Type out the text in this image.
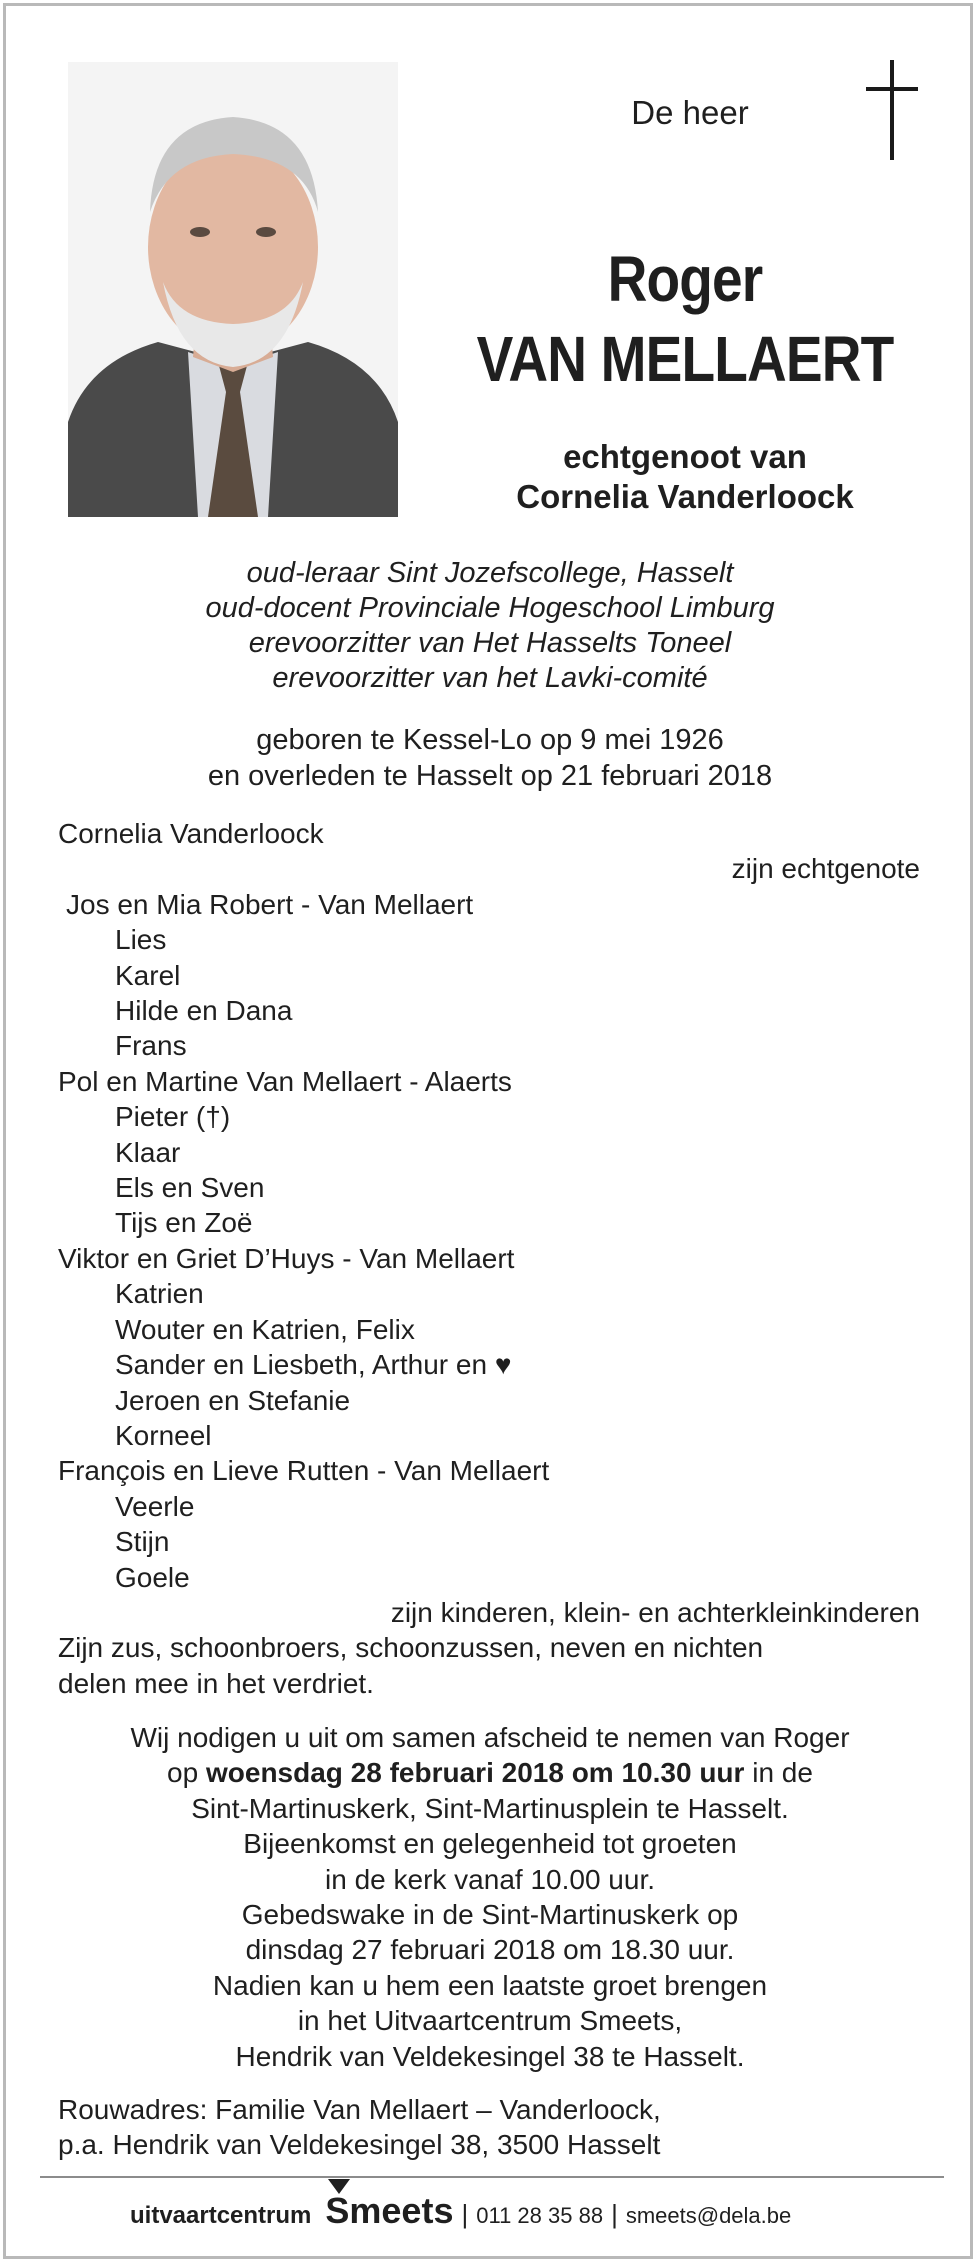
De heer
Roger
VAN MELLAERT
echtgenoot van
Cornelia Vanderloock
oud-leraar Sint Jozefscollege, Hasselt
oud-docent Provinciale Hogeschool Limburg
erevoorzitter van Het Hasselts Toneel
erevoorzitter van het Lavki-comité
geboren te Kessel-Lo op 9 mei 1926
en overleden te Hasselt op 21 februari 2018
Cornelia Vanderloock
zijn echtgenote
Jos en Mia Robert - Van Mellaert
Lies
Karel
Hilde en Dana
Frans
Pol en Martine Van Mellaert - Alaerts
Pieter (†)
Klaar
Els en Sven
Tijs en Zoë
Viktor en Griet D’Huys - Van Mellaert
Katrien
Wouter en Katrien, Felix
Sander en Liesbeth, Arthur en ♥
Jeroen en Stefanie
Korneel
François en Lieve Rutten - Van Mellaert
Veerle
Stijn
Goele
zijn kinderen, klein- en achterkleinkinderen
Zijn zus, schoonbroers, schoonzussen, neven en nichten
delen mee in het verdriet.
Wij nodigen u uit om samen afscheid te nemen van Roger
op woensdag 28 februari 2018 om 10.30 uur in de
Sint-Martinuskerk, Sint-Martinusplein te Hasselt.
Bijeenkomst en gelegenheid tot groeten
in de kerk vanaf 10.00 uur.
Gebedswake in de Sint-Martinuskerk op
dinsdag 27 februari 2018 om 18.30 uur.
Nadien kan u hem een laatste groet brengen
in het Uitvaartcentrum Smeets,
Hendrik van Veldekesingel 38 te Hasselt.
Rouwadres: Familie Van Mellaert – Vanderloock,
p.a. Hendrik van Veldekesingel 38, 3500 Hasselt
uitvaartcentrum Smeets | 011 28 35 88 | smeets@dela.be
